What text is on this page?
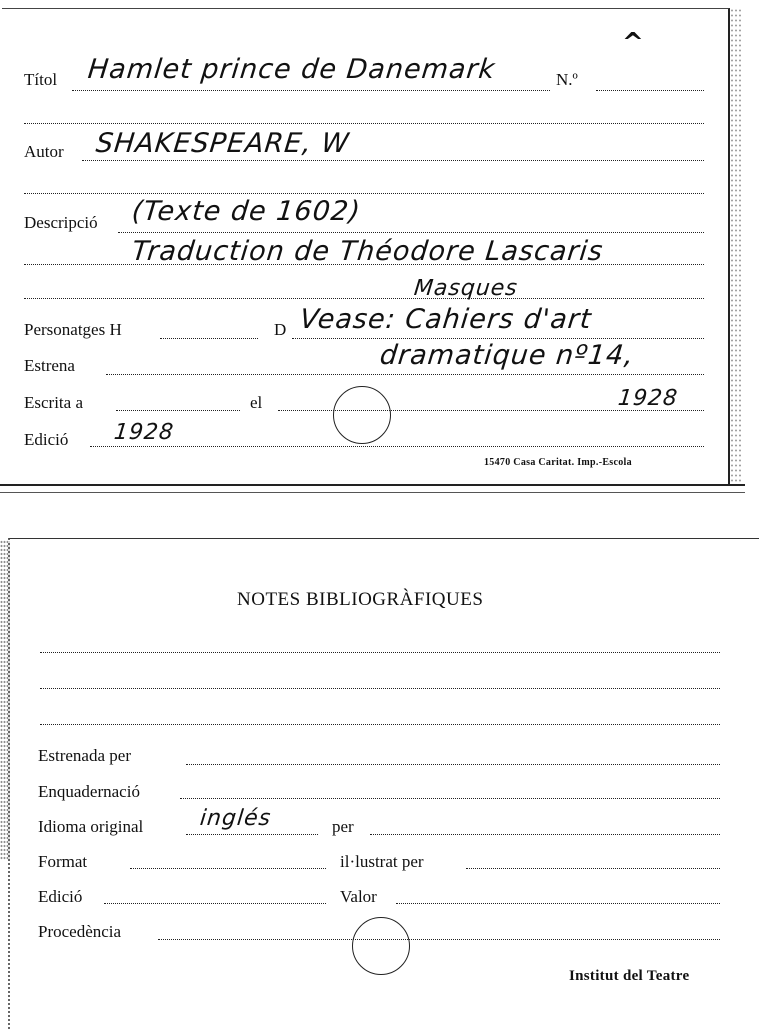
^
Títol Hamlet prince de Danemark	N.º
Autor SHAKESPEARE, W
Descripció (Texte de 1602)
Traduction de Théodore Lascaris
Masques
Personatges H	D Vease: Cahiers d'art
Estrena	dramatique nº14,
Escrita a	el	1928
Edició 1928
15470 Casa Caritat. Imp.-Escola
NOTES BIBLIOGRÀFIQUES
Estrenada per
Enquadernació
Idioma original	inglés	per
Format	il·lustrat per
Edició	Valor
Procedència
Institut del Teatre
